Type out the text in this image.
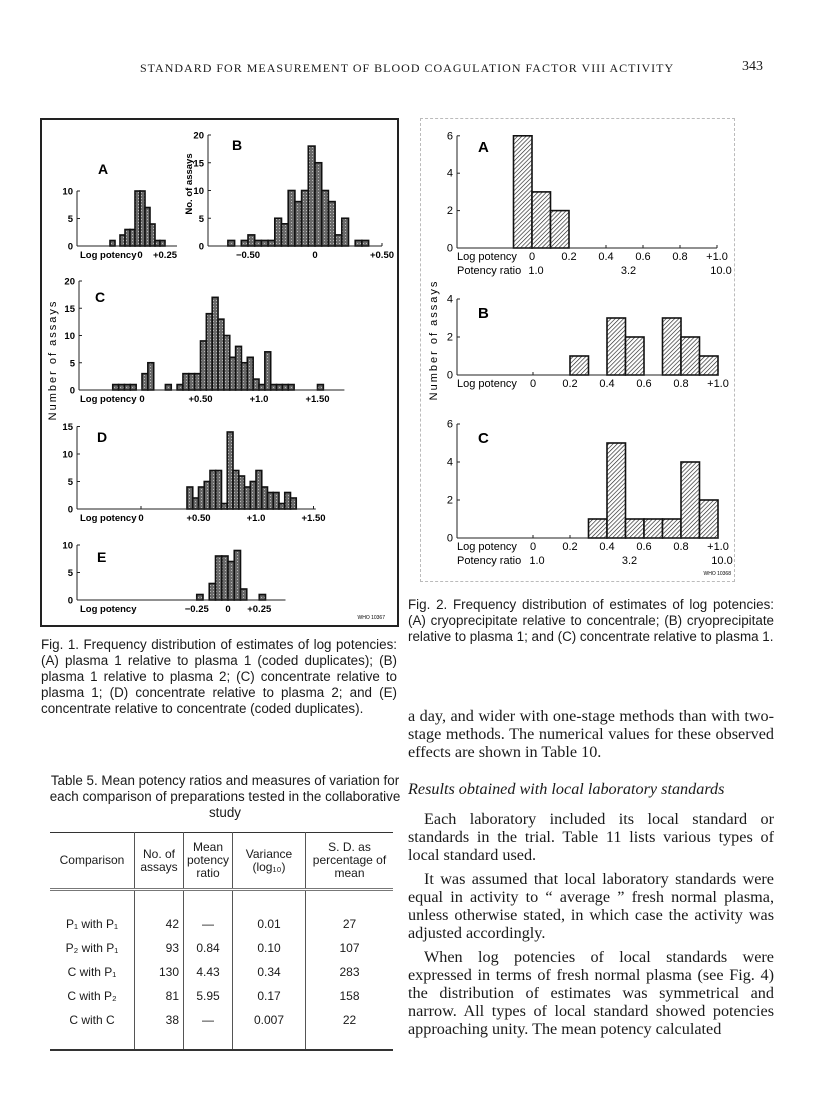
STANDARD FOR MEASUREMENT OF BLOOD COAGULATION FACTOR VIII ACTIVITY	343
Number of assays	Number of assays
WHO 10367
WHO 10368
0
5
10
0 +0.25
Log potency
A
0
5
10
15
20
−0.50	0	+0.50
No. of assays
B
0
5
10
15
20
0	+0.50	+1.0	+1.50
Log potency
C
0
5
10
15
0	+0.50	+1.0	+1.50
Log potency
D
0
5
10
−0.25 0 +0.25
Log potency
E
0
2
4
6
0 0.2 0.4 0.6 0.8 +1.0
Log potency
Potency ratio 1.0	3.2	10.0
A
0
2
4
0 0.2 0.4 0.6 0.8 +1.0
Log potency
B
0
2
4
6
0 0.2 0.4 0.6 0.8 +1.0
Log potency
Potency ratio 1.0	3.2	10.0
C
Fig. 1. Frequency distribution of estimates of log potencies: (A) plasma 1 relative to plasma 1 (coded duplicates); (B) plasma 1 relative to plasma 2; (C) concentrate relative to plasma 1; (D) concentrate relative to plasma 2; and (E) concentrate relative to concentrate (coded duplicates).
Fig. 2. Frequency distribution of estimates of log potencies: (A) cryoprecipitate relative to concentrale; (B) cryoprecipitate relative to plasma 1; and (C) concentrate relative to plasma 1.
Table 5. Mean potency ratios and measures of variation for each comparison of preparations tested in the collaborative study
Comparison	No. of assays	Mean potency ratio	Variance (log₁₀)	S. D. as percentage of mean
P₁ with P₁	42	—	0.01	27
P₂ with P₁	93	0.84	0.10	107
C with P₁	130	4.43	0.34	283
C with P₂	81	5.95	0.17	158
C with C	38	—	0.007	22

a day, and wider with one-stage methods than with two-stage methods. The numerical values for these observed effects are shown in Table 10.

Results obtained with local laboratory standards

Each laboratory included its local standard or standards in the trial. Table 11 lists various types of local standard used.

It was assumed that local laboratory standards were equal in activity to “ average ” fresh normal plasma, unless otherwise stated, in which case the activity was adjusted accordingly.

When log potencies of local standards were expressed in terms of fresh normal plasma (see Fig. 4) the distribution of estimates was symmetrical and narrow. All types of local standard showed potencies approaching unity. The mean potency calculated
